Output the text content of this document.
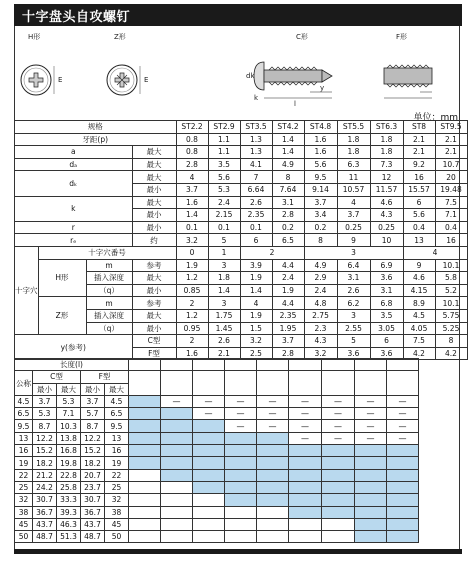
十字盘头自攻螺钉
H形	Z形	C形	F形
E	E	dk
k
l
y
单位：mm
规格				ST2.2	ST2.9	ST3.5	ST4.2	ST4.8	ST5.5	ST6.3	ST8	ST9.5
牙距(p)				0.8	1.1	1.3	1.4	1.6	1.8	1.8	2.1	2.1
a			最大	0.8	1.1	1.3	1.4	1.6	1.8	1.8	2.1	2.1
dₐ			最大	2.8	3.5	4.1	4.9	5.6	6.3	7.3	9.2	10.7
dₖ			最大	4	5.6	7	8	9.5	11	12	16	20
			最小	3.7	5.3	6.64	7.64	9.14	10.57	11.57	15.57	19.48
k			最大	1.6	2.4	2.6	3.1	3.7	4	4.6	6	7.5
			最小	1.4	2.15	2.35	2.8	3.4	3.7	4.3	5.6	7.1
r			最小	0.1	0.1	0.1	0.2	0.2	0.25	0.25	0.4	0.4
rₑ			约	3.2	5	6	6.5	8	9	10	13	16
十字穴	十字穴番号			0	1	2		3			4	
	H形	m	参考	1.9	3	3.9	4.4	4.9	6.4	6.9	9	10.1
		插入深度	最大	1.2	1.8	1.9	2.4	2.9	3.1	3.6	4.6	5.8
		（q）	最小	0.85	1.4	1.4	1.9	2.4	2.6	3.1	4.15	5.2
	Z形	m	参考	2	3	4	4.4	4.8	6.2	6.8	8.9	10.1
		插入深度	最大	1.2	1.75	1.9	2.35	2.75	3	3.5	4.5	5.75
		（q）	最小	0.95	1.45	1.5	1.95	2.3	2.55	3.05	4.05	5.25
y(参考)			C型	2	2.6	3.2	3.7	4.3	5	6	7.5	8
			F型	1.6	2.1	2.5	2.8	3.2	3.6	3.6	4.2	4.2
长度(l)													
公称	C型		F型										
	最小	最大	最小	最大									
4.5	3.7	5.3	3.7	4.5		—	—	—	—	—	—	—	—
6.5	5.3	7.1	5.7	6.5			—	—	—	—	—	—	—
9.5	8.7	10.3	8.7	9.5				—	—	—	—	—	—
13	12.2	13.8	12.2	13						—	—	—	—
16	15.2	16.8	15.2	16									
19	18.2	19.8	18.2	19									
22	21.2	22.8	20.7	22									
25	24.2	25.8	23.7	25									
32	30.7	33.3	30.7	32									
38	36.7	39.3	36.7	38									
45	43.7	46.3	43.7	45									
50	48.7	51.3	48.7	50									
